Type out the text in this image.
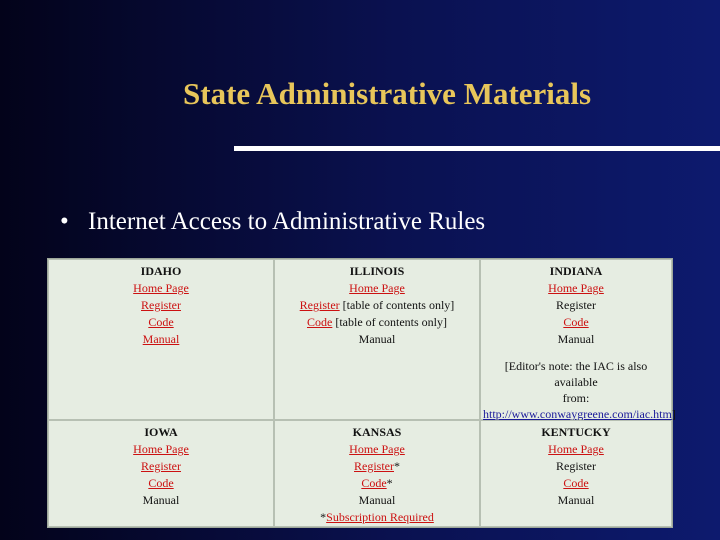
State Administrative Materials
• Internet Access to Administrative Rules
IDAHO
Home Page
Register
Code
Manual
ILLINOIS
Home Page
Register [table of contents only]
Code [table of contents only]
Manual
INDIANA
Home Page
Register
Code
Manual
[Editor's note: the IAC is also available
from:
http://www.conwaygreene.com/iac.htm]
IOWA
Home Page
Register
Code
Manual
KANSAS
Home Page
Register*
Code*
Manual
*Subscription Required
KENTUCKY
Home Page
Register
Code
Manual
